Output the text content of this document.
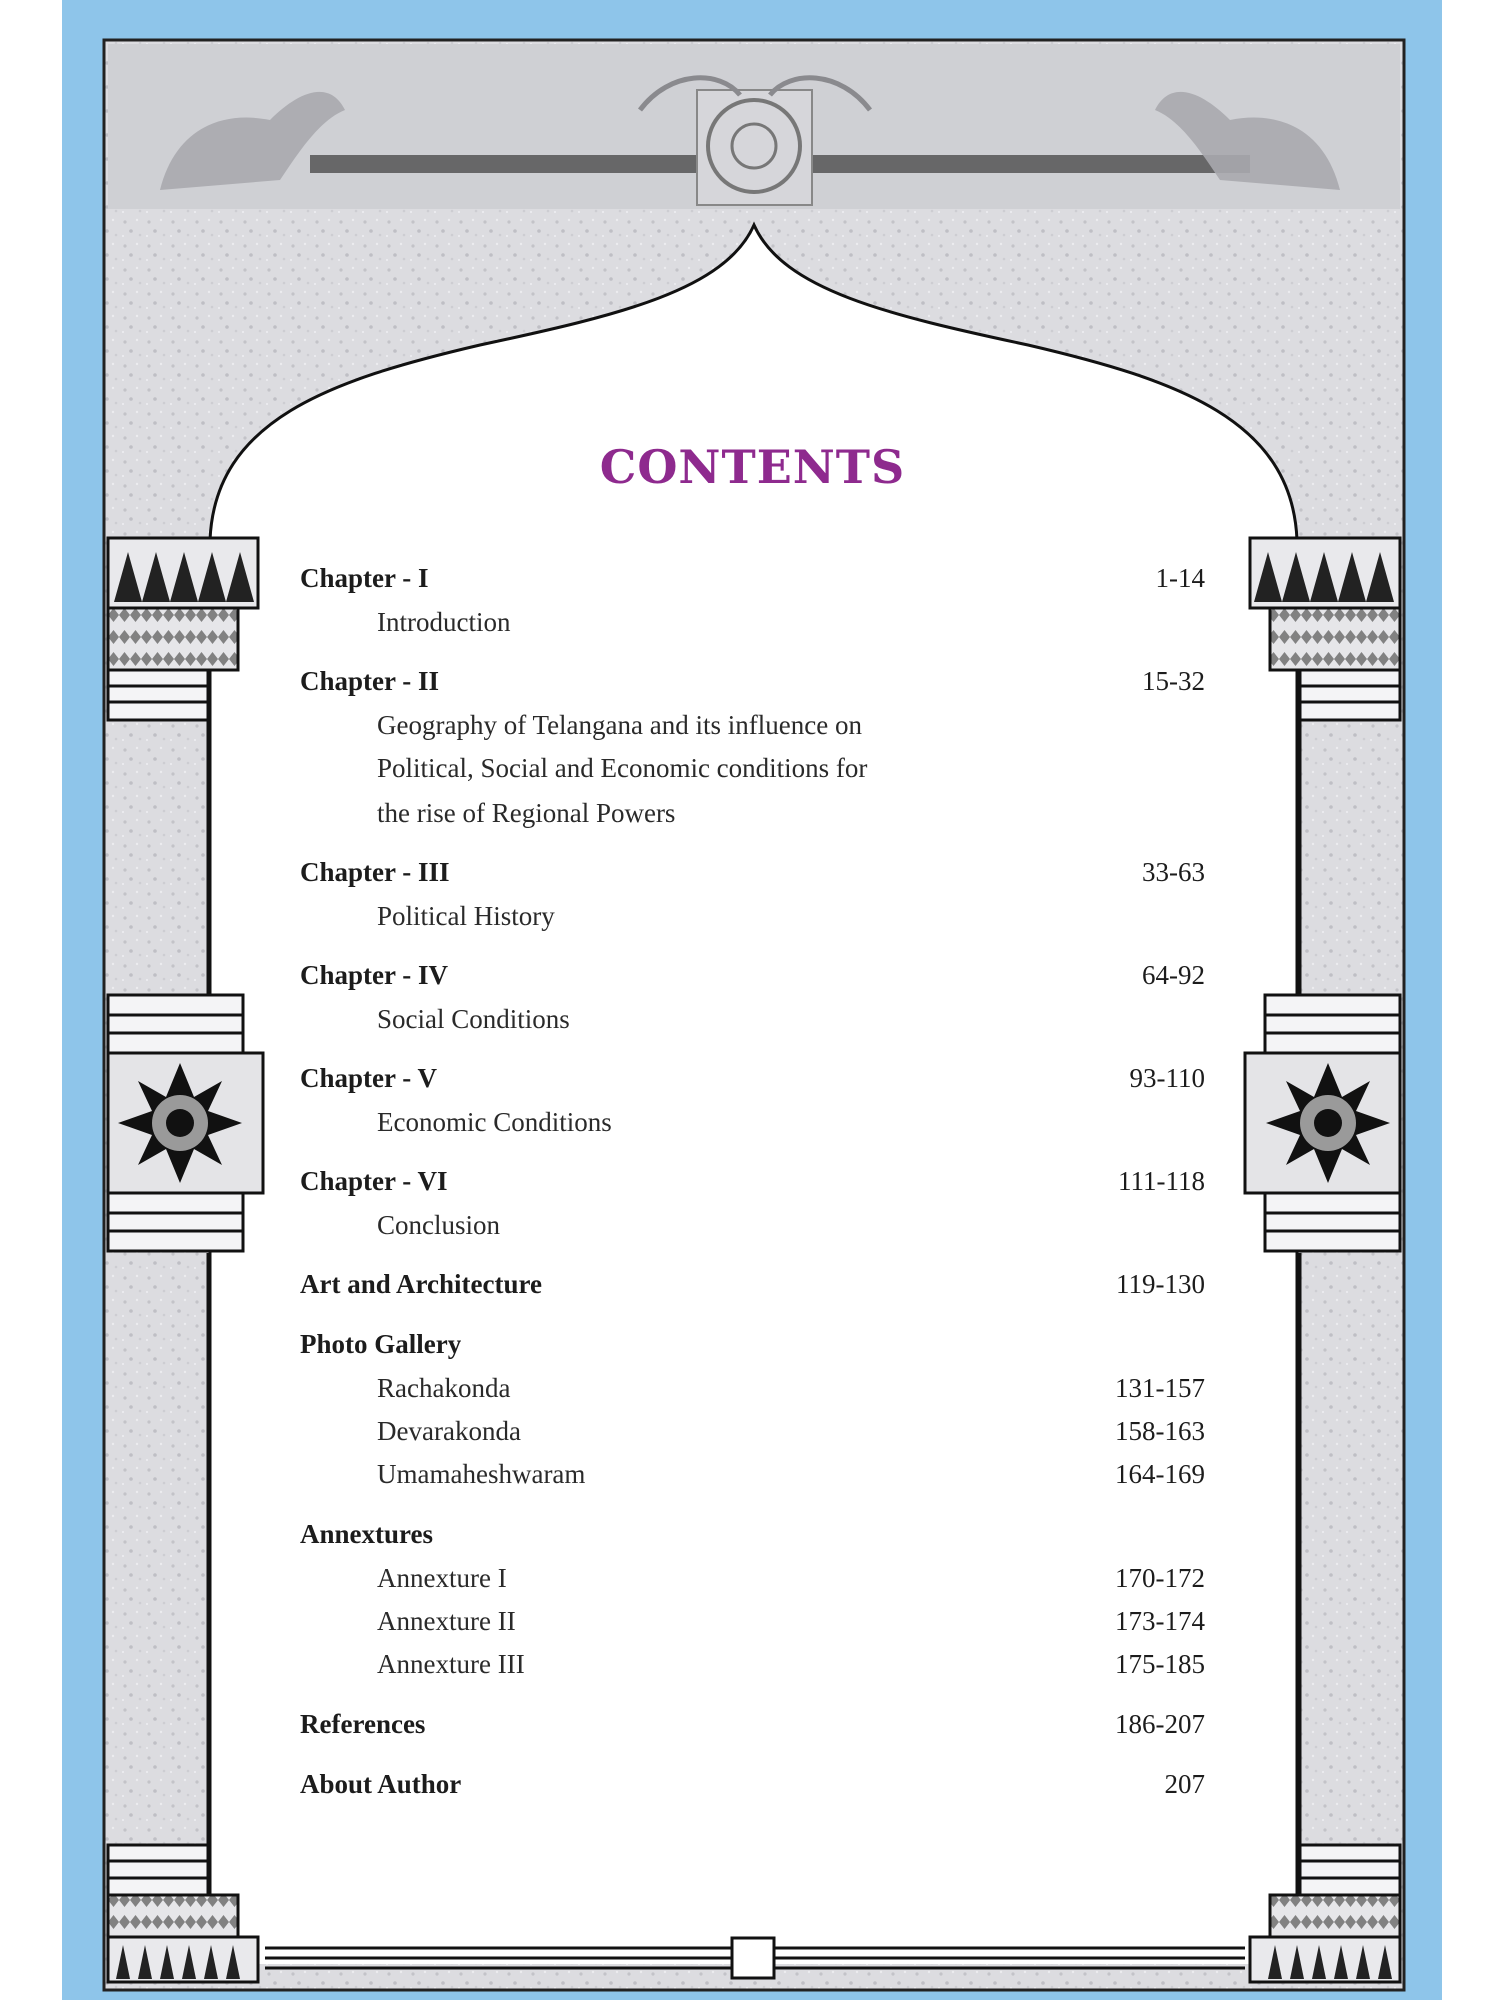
CONTENTS
Chapter - I	1-14
Introduction
Chapter - II	15-32
Geography of Telangana and its influence on
Political, Social and Economic conditions for
the rise of Regional Powers
Chapter - III	33-63
Political History
Chapter - IV	64-92
Social Conditions
Chapter - V	93-110
Economic Conditions
Chapter - VI	111-118
Conclusion
Art and Architecture	119-130
Photo Gallery
Rachakonda	131-157
Devarakonda	158-163
Umamaheshwaram	164-169
Annextures
Annexture I	170-172
Annexture II	173-174
Annexture III	175-185
References	186-207
About Author	207
